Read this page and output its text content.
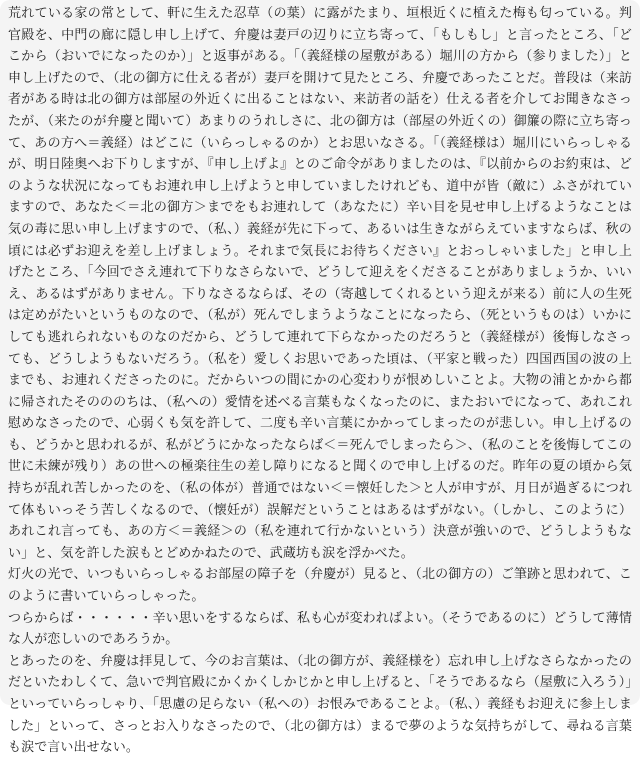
荒れている家の常として、軒に生えた忍草（の葉）に露がたまり、垣根近くに植えた梅も匂っている。判官殿を、中門の廊に隠し申し上げて、弁慶は妻戸の辺りに立ち寄って、「もしもし」と言ったところ、「どこから（おいでになったのか）」と返事がある。「（義経様の屋敷がある）堀川の方から（参りました）」と申し上げたので、（北の御方に仕える者が）妻戸を開けて見たところ、弁慶であったことだ。普段は（来訪者がある時は北の御方は部屋の外近くに出ることはない、来訪者の話を）仕える者を介してお聞きなさったが、（来たのが弁慶と聞いて）あまりのうれしさに、北の御方は（部屋の外近くの）御簾の際に立ち寄って、あの方へ＝義経）はどこに（いらっしゃるのか）とお思いなさる。「（義経様は）堀川にいらっしゃるが、明日陸奥へお下りしますが、『申し上げよ』とのご命令がありましたのは、『以前からのお約束は、どのような状況になってもお連れ申し上げようと申していましたけれども、道中が皆（敵に）ふさがれていますので、あなた＜＝北の御方＞までをもお連れして（あなたに）辛い目を見せ申し上げるようなことは気の毒に思い申し上げますので、（私、）義経が先に下って、あるいは生きながらえていますならば、秋の頃には必ずお迎えを差し上げましょう。それまで気長にお待ちください』とおっしゃいました」と申し上げたところ、「今回でさえ連れて下りなさらないで、どうして迎えをくださることがありましょうか、いいえ、あるはずがありません。下りなさるならば、その（寄越してくれるという迎えが来る）前に人の生死は定めがたいというものなので、（私が）死んでしまうようなことになったら、（死というものは）いかにしても逃れられないものなのだから、どうして連れて下らなかったのだろうと（義経様が）後悔しなさっても、どうしようもないだろう。（私を）愛しくお思いであった頃は、（平家と戦った）四国西国の波の上までも、お連れくださったのに。だからいつの間にかの心変わりが恨めしいことよ。大物の浦とかから都に帰されたそのののちは、（私への）愛情を述べる言葉もなくなったのに、またおいでになって、あれこれ慰めなさったので、心弱くも気を許して、二度も辛い言葉にかかってしまったのが悲しい。申し上げるのも、どうかと思われるが、私がどうにかなったならば＜＝死んでしまったら＞、（私のことを後悔してこの世に未練が残り）あの世への極楽往生の差し障りになると聞くので申し上げるのだ。昨年の夏の頃から気持ちが乱れ苦しかったのを、（私の体が）普通ではない＜＝懐妊した＞と人が申すが、月日が過ぎるにつれて体もいっそう苦しくなるので、（懐妊が）誤解だということはあるはずがない。（しかし、このように）あれこれ言っても、あの方＜＝義経＞の（私を連れて行かないという）決意が強いので、どうしようもない」と、気を許した涙もとどめかねたので、武蔵坊も涙を浮かべた。

灯火の光で、いつもいらっしゃるお部屋の障子を（弁慶が）見ると、（北の御方の）ご筆跡と思われて、このように書いていらっしゃった。

つらからば・・・・・・辛い思いをするならば、私も心が変わればよい。（そうであるのに）どうして薄情な人が恋しいのであろうか。

とあったのを、弁慶は拝見して、今のお言葉は、（北の御方が、義経様を）忘れ申し上げなさらなかったのだといたわしくて、急いで判官殿にかくかくしかじかと申し上げると、「そうであるなら（屋敷に入ろう）」といっていらっしゃり、「思慮の足らない（私への）お恨みであることよ。（私、）義経もお迎えに参上しました」といって、さっとお入りなさったので、（北の御方は）まるで夢のような気持ちがして、尋ねる言葉も涙で言い出せない。
